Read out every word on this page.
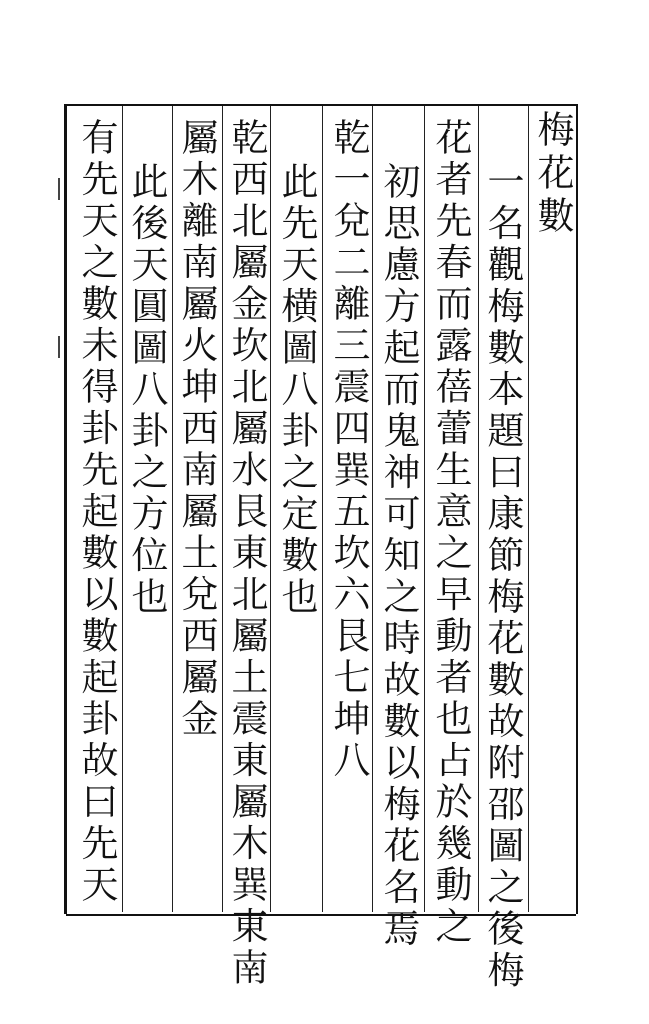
梅花數
一名觀梅數本題曰康節梅花數故附邵圖之後梅
花者先春而露蓓蕾生意之早動者也占於幾動之
初思慮方起而鬼神可知之時故數以梅花名焉
乾一兌二離三震四巽五坎六艮七坤八
此先天横圖八卦之定數也
乾西北屬金坎北屬水艮東北屬土震東屬木巽東南
屬木離南屬火坤西南屬土兌西屬金
此後天圓圖八卦之方位也
有先天之數未得卦先起數以數起卦故曰先天
